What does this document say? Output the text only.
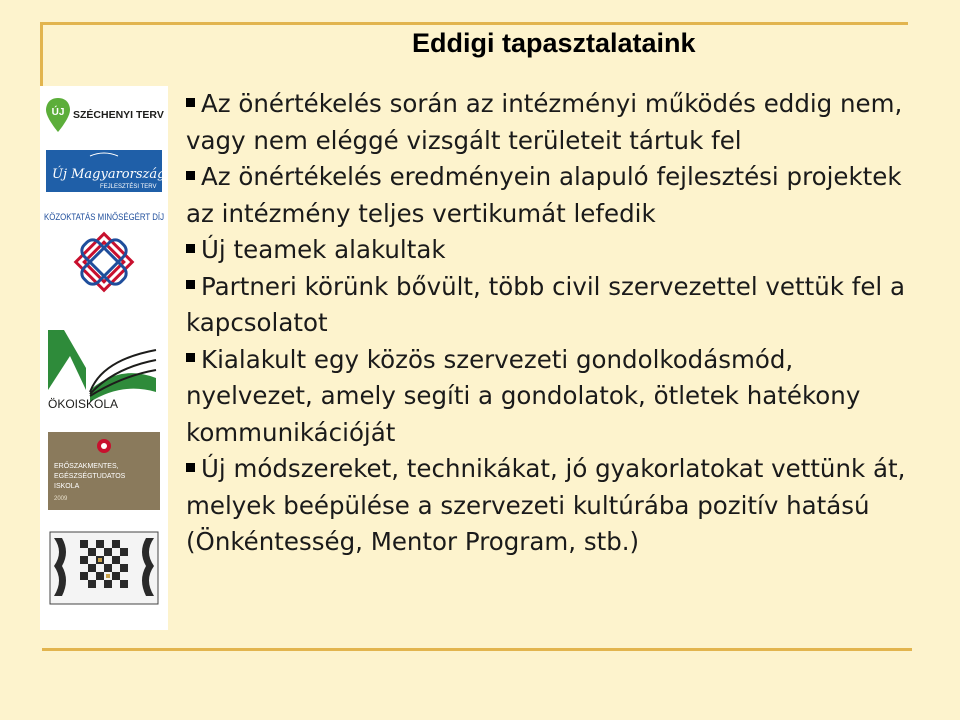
Eddigi tapasztalataink
ÚJ SZÉCHENYI TERV
Új Magyarország
FEJLESZTÉSI TERV
KÖZOKTATÁS MINŐSÉGÉRT DÍJ
ÖKOISKOLA
ERŐSZAKMENTES,
EGÉSZSÉGTUDATOS
ISKOLA
2009

Az önértékelés során az intézményi működés eddig nem, vagy nem eléggé vizsgált területeit tártuk fel

Az önértékelés eredményein alapuló fejlesztési projektek az intézmény teljes vertikumát lefedik

Új teamek alakultak

Partneri körünk bővült, több civil szervezettel vettük fel a kapcsolatot

Kialakult egy közös szervezeti gondolkodásmód, nyelvezet, amely segíti a gondolatok, ötletek hatékony kommunikációját

Új módszereket, technikákat, jó gyakorlatokat vettünk át, melyek beépülése a szervezeti kultúrába pozitív hatású (Önkéntesség, Mentor Program, stb.)
